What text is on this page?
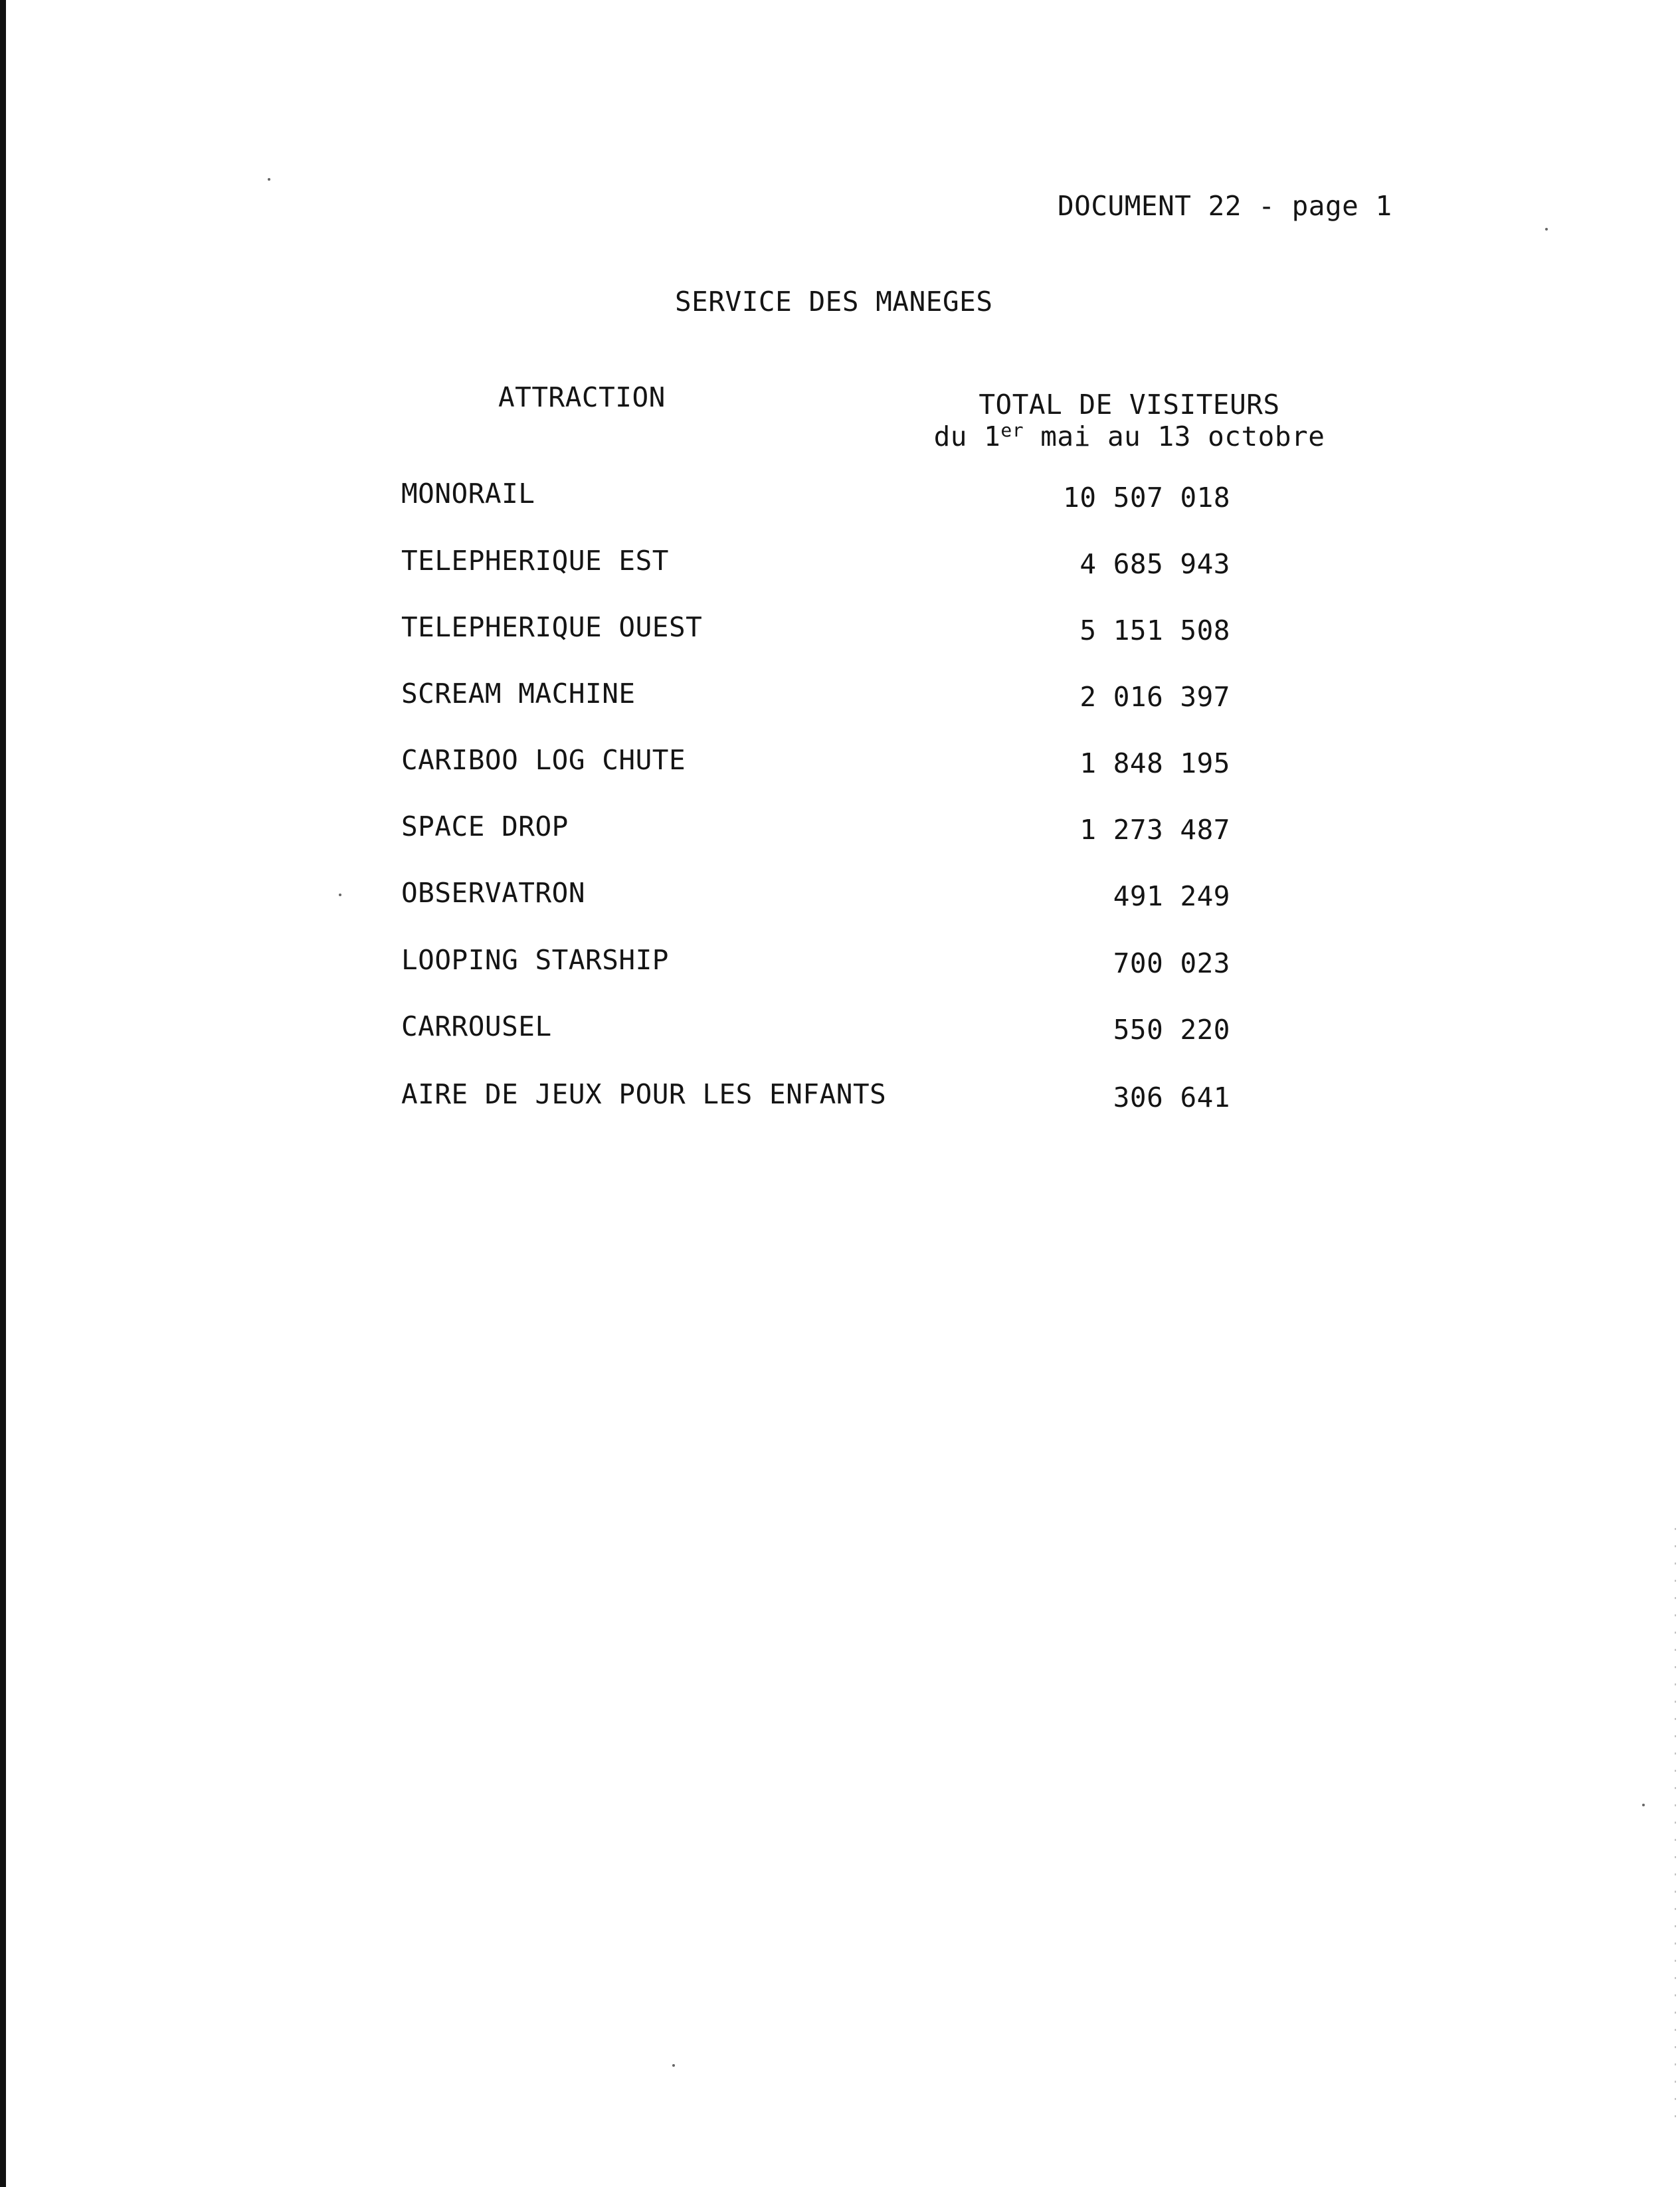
DOCUMENT 22 - page 1
SERVICE DES MANEGES
ATTRACTION	TOTAL DE VISITEURS
du 1er mai au 13 octobre
MONORAIL	10 507 018
TELEPHERIQUE EST	4 685 943
TELEPHERIQUE OUEST	5 151 508
SCREAM MACHINE	2 016 397
CARIBOO LOG CHUTE	1 848 195
SPACE DROP	1 273 487
OBSERVATRON	491 249
LOOPING STARSHIP	700 023
CARROUSEL	550 220
AIRE DE JEUX POUR LES ENFANTS	306 641
